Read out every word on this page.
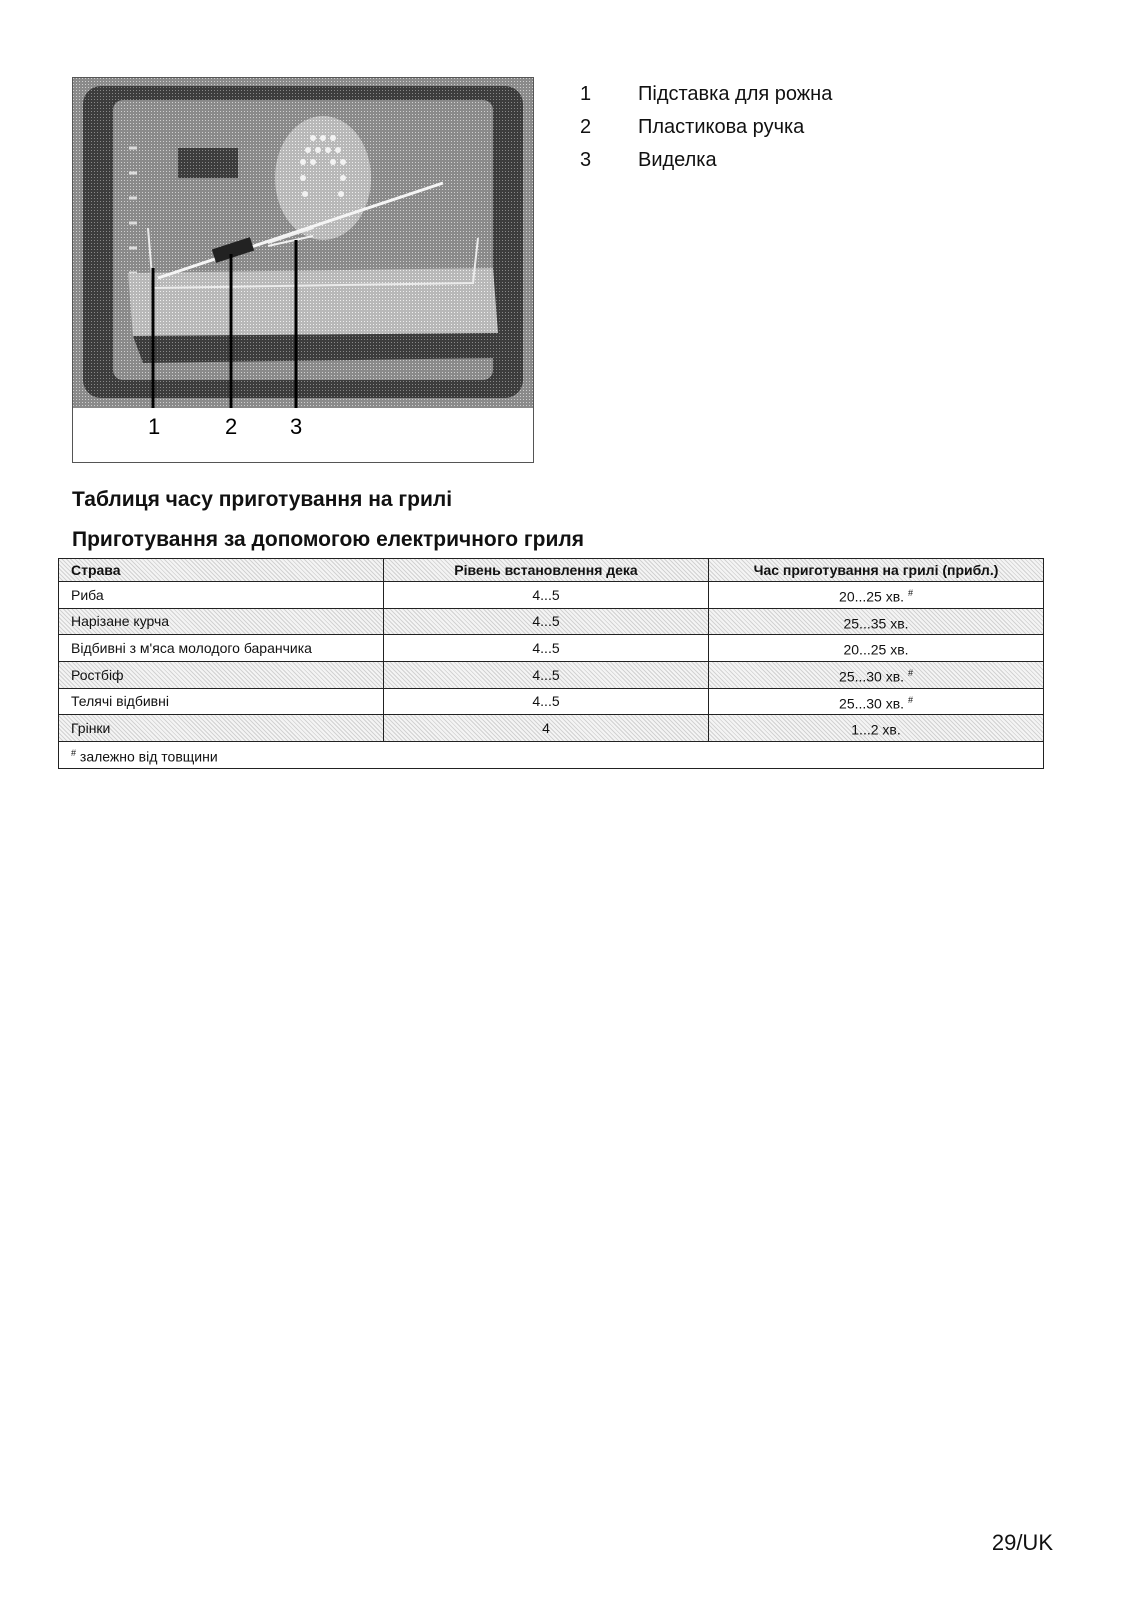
1	2 3
1	Підставка для рожна
2	Пластикова ручка
3	Виделка
Таблиця часу приготування на грилі
Приготування за допомогою електричного гриля
Страва	Рівень встановлення дека	Час приготування на грилі (прибл.)
Риба	4...5	20...25 хв. #
Нарізане курча	4...5	25...35 хв.
Відбивні з м'яса молодого баранчика	4...5	20...25 хв.
Ростбіф	4...5	25...30 хв. #
Телячі відбивні	4...5	25...30 хв. #
Грінки	4	1...2 хв.
# залежно від товщини		
29/UK
